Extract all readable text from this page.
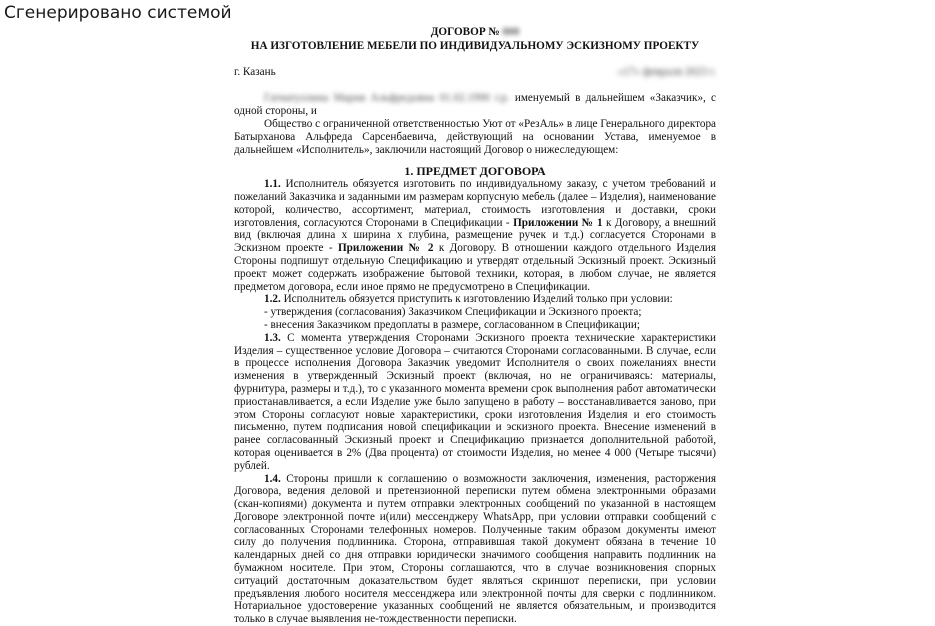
Сгенерировано системой
ДОГОВОР № 000
НА ИЗГОТОВЛЕНИЕ МЕБЕЛИ ПО ИНДИВИДУАЛЬНОМУ ЭСКИЗНОМУ ПРОЕКТУ
г. Казань	«17» февраля 2023 г.
Гатиатуллина Мария Альфредовна 01.02.1990 г.р. именуемый в дальнейшем «Заказчик», с одной стороны, и
Общество с ограниченной ответственностью Уют от «РезАль» в лице Генерального директора Батырханова Альфреда Сарсенбаевича, действующий на основании Устава, именуемое в дальнейшем «Исполнитель», заключили настоящий Договор о нижеследующем:
1. ПРЕДМЕТ ДОГОВОРА
1.1. Исполнитель обязуется изготовить по индивидуальному заказу, с учетом требований и пожеланий Заказчика и заданными им размерам корпусную мебель (далее – Изделия), наименование которой, количество, ассортимент, материал, стоимость изготовления и доставки, сроки изготовления, согласуются Сторонами в Спецификации - Приложении № 1 к Договору, а внешний вид (включая длина х ширина х глубина, размещение ручек и т.д.) согласуется Сторонами в Эскизном проекте - Приложении № 2 к Договору. В отношении каждого отдельного Изделия Стороны подпишут отдельную Спецификацию и утвердят отдельный Эскизный проект. Эскизный проект может содержать изображение бытовой техники, которая, в любом случае, не является предметом договора, если иное прямо не предусмотрено в Спецификации.
1.2. Исполнитель обязуется приступить к изготовлению Изделий только при условии:
- утверждения (согласования) Заказчиком Спецификации и Эскизного проекта;
- внесения Заказчиком предоплаты в размере, согласованном в Спецификации;
1.3. С момента утверждения Сторонами Эскизного проекта технические характеристики Изделия – существенное условие Договора – считаются Сторонами согласованными. В случае, если в процессе исполнения Договора Заказчик уведомит Исполнителя о своих пожеланиях внести изменения в утвержденный Эскизный проект (включая, но не ограничиваясь: материалы, фурнитура, размеры и т.д.), то с указанного момента времени срок выполнения работ автоматически приостанавливается, а если Изделие уже было запущено в работу – восстанавливается заново, при этом Стороны согласуют новые характеристики, сроки изготовления Изделия и его стоимость письменно, путем подписания новой спецификации и эскизного проекта. Внесение изменений в ранее согласованный Эскизный проект и Спецификацию признается дополнительной работой, которая оценивается в 2% (Два процента) от стоимости Изделия, но менее 4 000 (Четыре тысячи) рублей.
1.4. Стороны пришли к соглашению о возможности заключения, изменения, расторжения Договора, ведения деловой и претензионной переписки путем обмена электронными образами (скан-копиями) документа и путем отправки электронных сообщений по указанной в настоящем Договоре электронной почте и(или) мессенджеру WhatsApp, при условии отправки сообщений с согласованных Сторонами телефонных номеров. Полученные таким образом документы имеют силу до получения подлинника. Сторона, отправившая такой документ обязана в течение 10 календарных дней со дня отправки юридически значимого сообщения направить подлинник на бумажном носителе. При этом, Стороны соглашаются, что в случае возникновения спорных ситуаций достаточным доказательством будет являться скриншот переписки, при условии предъявления любого носителя мессенджера или электронной почты для сверки с подлинником. Нотариальное удостоверение указанных сообщений не является обязательным, и производится только в случае выявления не-тождественности переписки.
